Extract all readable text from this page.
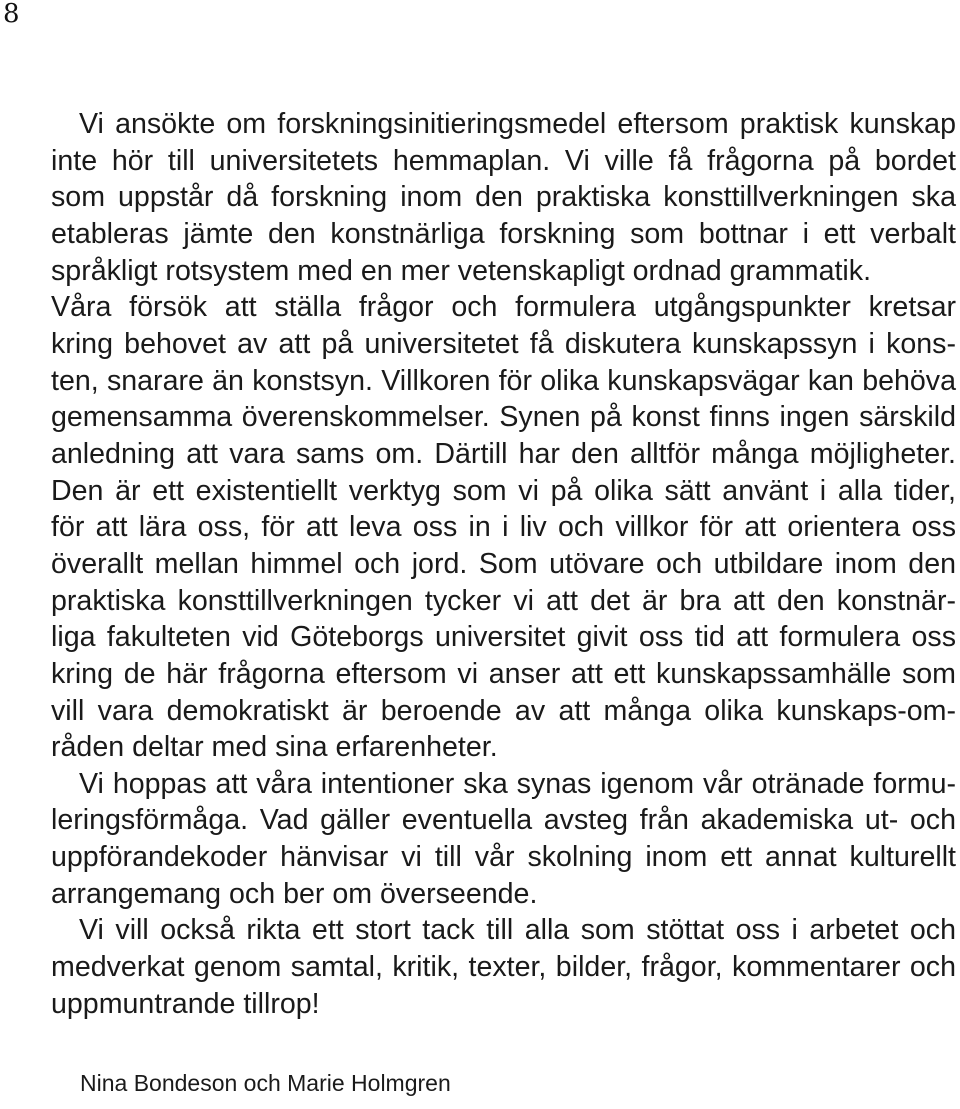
8
Vi ansökte om forskningsinitieringsmedel eftersom praktisk kunskap
inte hör till universitetets hemmaplan. Vi ville få frågorna på bordet
som uppstår då forskning inom den praktiska konsttillverkningen ska
etableras jämte den konstnärliga forskning som bottnar i ett verbalt
språkligt rotsystem med en mer vetenskapligt ordnad grammatik.
Våra försök att ställa frågor och formulera utgångspunkter kretsar
kring behovet av att på universitetet få diskutera kunskapssyn i kons-
ten, snarare än konstsyn. Villkoren för olika kunskapsvägar kan behöva
gemensamma överenskommelser. Synen på konst finns ingen särskild
anledning att vara sams om. Därtill har den alltför många möjligheter.
Den är ett existentiellt verktyg som vi på olika sätt använt i alla tider,
för att lära oss, för att leva oss in i liv och villkor för att orientera oss
överallt mellan himmel och jord. Som utövare och utbildare inom den
praktiska konsttillverkningen tycker vi att det är bra att den konstnär-
liga fakulteten vid Göteborgs universitet givit oss tid att formulera oss
kring de här frågorna eftersom vi anser att ett kunskapssamhälle som
vill vara demokratiskt är beroende av att många olika kunskaps-om-
råden deltar med sina erfarenheter.
Vi hoppas att våra intentioner ska synas igenom vår otränade formu-
leringsförmåga. Vad gäller eventuella avsteg från akademiska ut- och
uppförandekoder hänvisar vi till vår skolning inom ett annat kulturellt
arrangemang och ber om överseende.
Vi vill också rikta ett stort tack till alla som stöttat oss i arbetet och
medverkat genom samtal, kritik, texter, bilder, frågor, kommentarer och
uppmuntrande tillrop!
Nina Bondeson och Marie Holmgren
